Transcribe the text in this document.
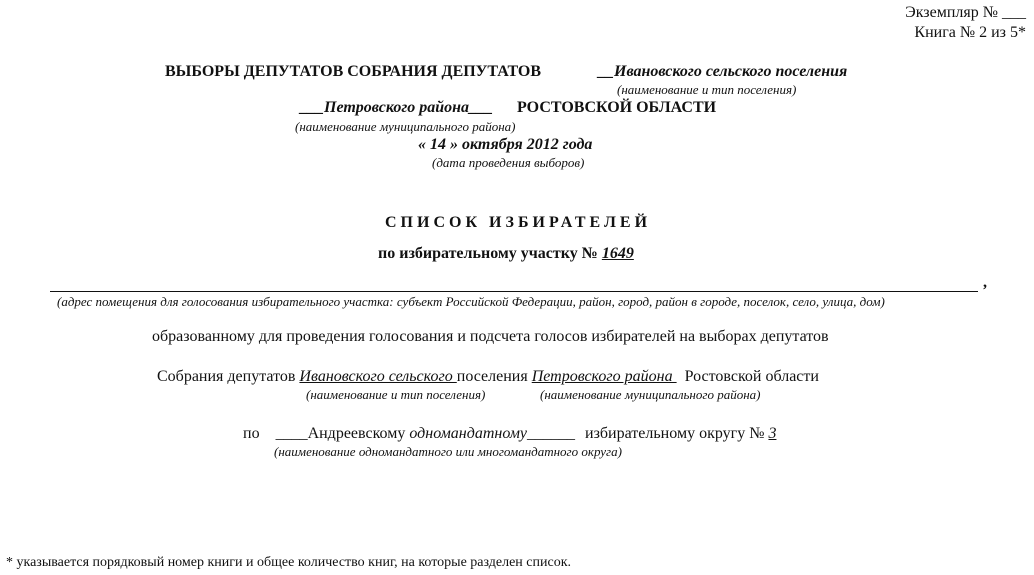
Экземпляр № ___
Книга № 2 из 5*
ВЫБОРЫ ДЕПУТАТОВ СОБРАНИЯ ДЕПУТАТОВ	__Ивановского сельского поселения
(наименование и тип поселения)
___Петровского района___ РОСТОВСКОЙ ОБЛАСТИ
(наименование муниципального района)
« 14 » октября 2012 года
(дата проведения выборов)
СПИСОК ИЗБИРАТЕЛЕЙ
по избирательному участку № 1649
,
(адрес помещения для голосования избирательного участка: субъект Российской Федерации, район, город, район в городе, поселок, село, улица, дом)
образованному для проведения голосования и подсчета голосов избирателей на выборах депутатов
Собрания депутатов Ивановского сельского поселения Петровского района   Ростовской области
(наименование и тип поселения)	(наименование муниципального района)
по ____Андреевскому одномандатному______ избирательному округу № 3
(наименование одномандатного или многомандатного округа)
* указывается порядковый номер книги и общее количество книг, на которые разделен список.
